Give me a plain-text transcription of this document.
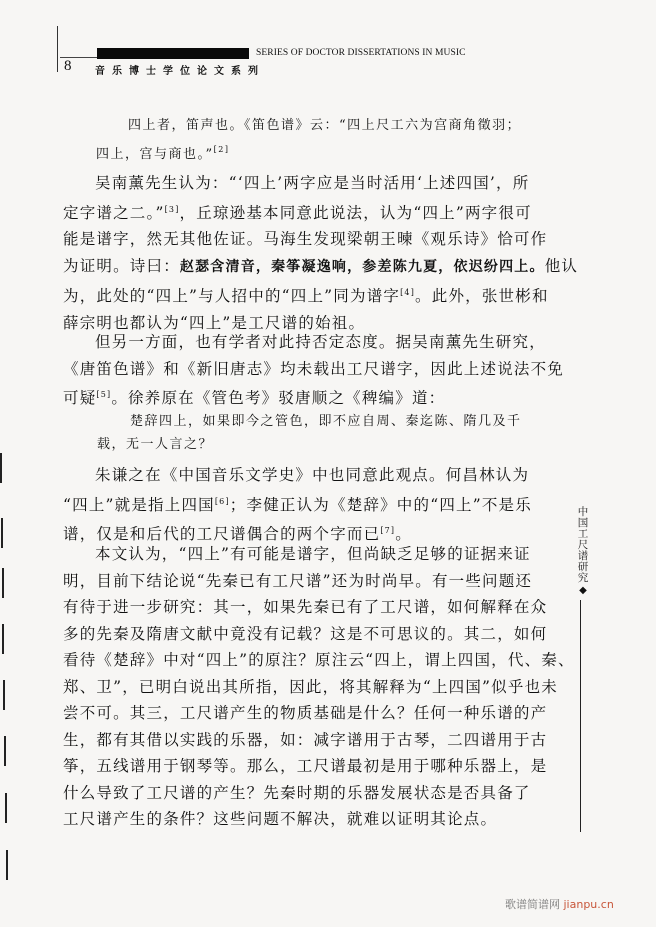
SERIES OF DOCTOR DISSERTATIONS IN MUSIC
8 音乐博士学位论文系列
四上者，笛声也。《笛色谱》云：“四上尺工六为宫商角徵羽；
四上，宫与商也。”[2]
吴南薰先生认为：“‘四上’两字应是当时活用‘上述四国’，所
定字谱之二。”[3]，丘琼逊基本同意此说法，认为“四上”两字很可
能是谱字，然无其他佐证。马海生发现梁朝王暕《观乐诗》恰可作
为证明。诗曰：赵瑟含清音，秦筝凝逸响，参差陈九夏，依迟纷四上。他认
为，此处的“四上”与人招中的“四上”同为谱字[4]。此外，张世彬和
薛宗明也都认为“四上”是工尺谱的始祖。
但另一方面，也有学者对此持否定态度。据吴南薰先生研究，
《唐笛色谱》和《新旧唐志》均未载出工尺谱字，因此上述说法不免
可疑[5]。徐养原在《管色考》驳唐顺之《稗编》道：
楚辞四上，如果即今之管色，即不应自周、秦迄陈、隋几及千
载，无一人言之？
朱谦之在《中国音乐文学史》中也同意此观点。何昌林认为
“四上”就是指上四国[6]；李健正认为《楚辞》中的“四上”不是乐
谱，仅是和后代的工尺谱偶合的两个字而已[7]。
本文认为，“四上”有可能是谱字，但尚缺乏足够的证据来证
明，目前下结论说“先秦已有工尺谱”还为时尚早。有一些问题还
有待于进一步研究：其一，如果先秦已有了工尺谱，如何解释在众
多的先秦及隋唐文献中竟没有记载？这是不可思议的。其二，如何
看待《楚辞》中对“四上”的原注？原注云“四上，谓上四国，代、秦、
郑、卫”，已明白说出其所指，因此，将其解释为“上四国”似乎也未
尝不可。其三，工尺谱产生的物质基础是什么？任何一种乐谱的产
生，都有其借以实践的乐器，如：减字谱用于古琴，二四谱用于古
筝，五线谱用于钢琴等。那么，工尺谱最初是用于哪种乐器上，是
什么导致了工尺谱的产生？先秦时期的乐器发展状态是否具备了
工尺谱产生的条件？这些问题不解决，就难以证明其论点。
中国工尺谱研究
◆
歌谱简谱网 jianpu.cn
